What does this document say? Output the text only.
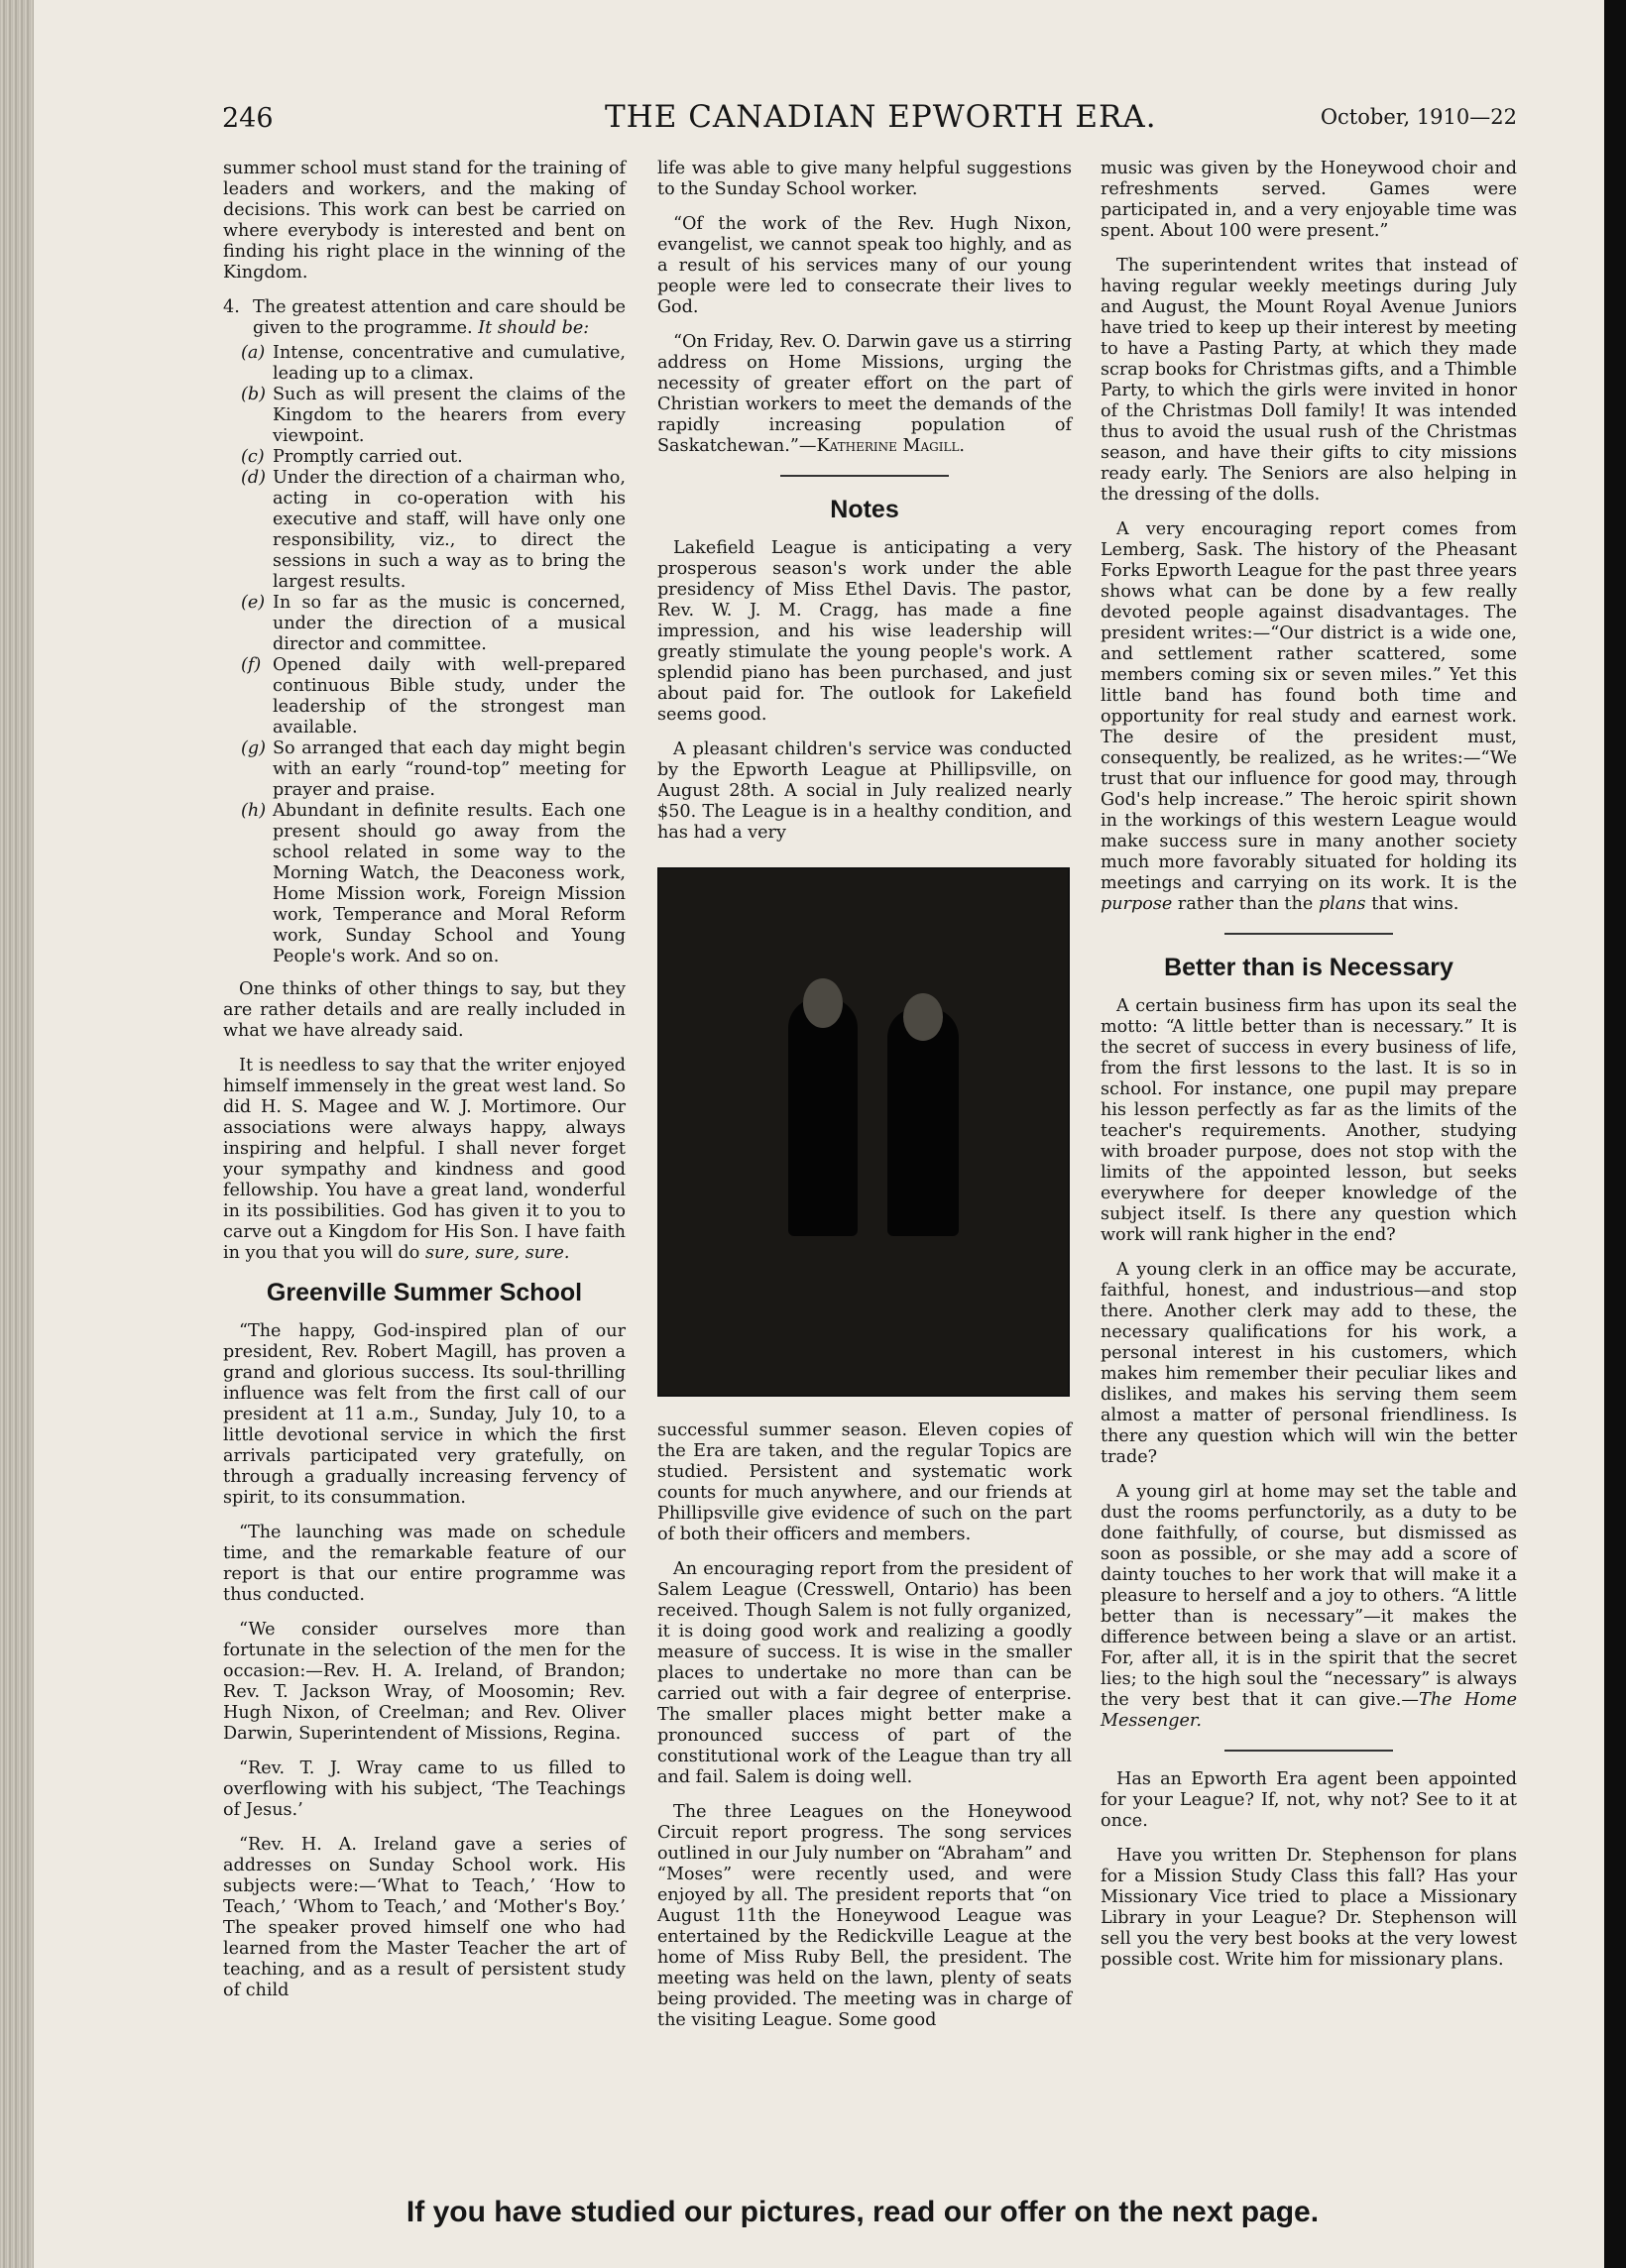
246	THE CANADIAN EPWORTH ERA.	October, 1910—22

summer school must stand for the training of leaders and workers, and the making of decisions. This work can best be carried on where everybody is interested and bent on finding his right place in the winning of the Kingdom.

4. The greatest attention and care should be given to the programme. It should be:
(a) Intense, concentrative and cumulative, leading up to a climax.
(b) Such as will present the claims of the Kingdom to the hearers from every viewpoint.
(c) Promptly carried out.
(d) Under the direction of a chairman who, acting in co-operation with his executive and staff, will have only one responsibility, viz., to direct the sessions in such a way as to bring the largest results.
(e) In so far as the music is concerned, under the direction of a musical director and committee.
(f) Opened daily with well-prepared continuous Bible study, under the leadership of the strongest man available.
(g) So arranged that each day might begin with an early “round-top” meeting for prayer and praise.
(h) Abundant in definite results. Each one present should go away from the school related in some way to the Morning Watch, the Deaconess work, Home Mission work, Foreign Mission work, Temperance and Moral Reform work, Sunday School and Young People's work. And so on.

One thinks of other things to say, but they are rather details and are really included in what we have already said.

It is needless to say that the writer enjoyed himself immensely in the great west land. So did H. S. Magee and W. J. Mortimore. Our associations were always happy, always inspiring and helpful. I shall never forget your sympathy and kindness and good fellowship. You have a great land, wonderful in its possibilities. God has given it to you to carve out a Kingdom for His Son. I have faith in you that you will do sure, sure, sure.

Greenville Summer School

“The happy, God-inspired plan of our president, Rev. Robert Magill, has proven a grand and glorious success. Its soul-thrilling influence was felt from the first call of our president at 11 a.m., Sunday, July 10, to a little devotional service in which the first arrivals participated very gratefully, on through a gradually increasing fervency of spirit, to its consummation.

“The launching was made on schedule time, and the remarkable feature of our report is that our entire programme was thus conducted.

“We consider ourselves more than fortunate in the selection of the men for the occasion:—Rev. H. A. Ireland, of Brandon; Rev. T. Jackson Wray, of Moosomin; Rev. Hugh Nixon, of Creelman; and Rev. Oliver Darwin, Superintendent of Missions, Regina.

“Rev. T. J. Wray came to us filled to overflowing with his subject, ‘The Teachings of Jesus.’

“Rev. H. A. Ireland gave a series of addresses on Sunday School work. His subjects were:—‘What to Teach,’ ‘How to Teach,’ ‘Whom to Teach,’ and ‘Mother's Boy.’ The speaker proved himself one who had learned from the Master Teacher the art of teaching, and as a result of persistent study of child

life was able to give many helpful suggestions to the Sunday School worker.

“Of the work of the Rev. Hugh Nixon, evangelist, we cannot speak too highly, and as a result of his services many of our young people were led to consecrate their lives to God.

“On Friday, Rev. O. Darwin gave us a stirring address on Home Missions, urging the necessity of greater effort on the part of Christian workers to meet the demands of the rapidly increasing population of Saskatchewan.”—Katherine Magill.

Notes

Lakefield League is anticipating a very prosperous season's work under the able presidency of Miss Ethel Davis. The pastor, Rev. W. J. M. Cragg, has made a fine impression, and his wise leadership will greatly stimulate the young people's work. A splendid piano has been purchased, and just about paid for. The outlook for Lakefield seems good.

A pleasant children's service was conducted by the Epworth League at Phillipsville, on August 28th. A social in July realized nearly $50. The League is in a healthy condition, and has had a very

successful summer season. Eleven copies of the Era are taken, and the regular Topics are studied. Persistent and systematic work counts for much anywhere, and our friends at Phillipsville give evidence of such on the part of both their officers and members.

An encouraging report from the president of Salem League (Cresswell, Ontario) has been received. Though Salem is not fully organized, it is doing good work and realizing a goodly measure of success. It is wise in the smaller places to undertake no more than can be carried out with a fair degree of enterprise. The smaller places might better make a pronounced success of part of the constitutional work of the League than try all and fail. Salem is doing well.

The three Leagues on the Honeywood Circuit report progress. The song services outlined in our July number on “Abraham” and “Moses” were recently used, and were enjoyed by all. The president reports that “on August 11th the Honeywood League was entertained by the Redickville League at the home of Miss Ruby Bell, the president. The meeting was held on the lawn, plenty of seats being provided. The meeting was in charge of the visiting League. Some good

music was given by the Honeywood choir and refreshments served. Games were participated in, and a very enjoyable time was spent. About 100 were present.”

The superintendent writes that instead of having regular weekly meetings during July and August, the Mount Royal Avenue Juniors have tried to keep up their interest by meeting to have a Pasting Party, at which they made scrap books for Christmas gifts, and a Thimble Party, to which the girls were invited in honor of the Christmas Doll family! It was intended thus to avoid the usual rush of the Christmas season, and have their gifts to city missions ready early. The Seniors are also helping in the dressing of the dolls.

A very encouraging report comes from Lemberg, Sask. The history of the Pheasant Forks Epworth League for the past three years shows what can be done by a few really devoted people against disadvantages. The president writes:—“Our district is a wide one, and settlement rather scattered, some members coming six or seven miles.” Yet this little band has found both time and opportunity for real study and earnest work. The desire of the president must, consequently, be realized, as he writes:—“We trust that our influence for good may, through God's help increase.” The heroic spirit shown in the workings of this western League would make success sure in many another society much more favorably situated for holding its meetings and carrying on its work. It is the purpose rather than the plans that wins.

Better than is Necessary

A certain business firm has upon its seal the motto: “A little better than is necessary.” It is the secret of success in every business of life, from the first lessons to the last. It is so in school. For instance, one pupil may prepare his lesson perfectly as far as the limits of the teacher's requirements. Another, studying with broader purpose, does not stop with the limits of the appointed lesson, but seeks everywhere for deeper knowledge of the subject itself. Is there any question which work will rank higher in the end?

A young clerk in an office may be accurate, faithful, honest, and industrious—and stop there. Another clerk may add to these, the necessary qualifications for his work, a personal interest in his customers, which makes him remember their peculiar likes and dislikes, and makes his serving them seem almost a matter of personal friendliness. Is there any question which will win the better trade?

A young girl at home may set the table and dust the rooms perfunctorily, as a duty to be done faithfully, of course, but dismissed as soon as possible, or she may add a score of dainty touches to her work that will make it a pleasure to herself and a joy to others. “A little better than is necessary”—it makes the difference between being a slave or an artist. For, after all, it is in the spirit that the secret lies; to the high soul the “necessary” is always the very best that it can give.—The Home Messenger.

Has an Epworth Era agent been appointed for your League? If, not, why not? See to it at once.

Have you written Dr. Stephenson for plans for a Mission Study Class this fall? Has your Missionary Vice tried to place a Missionary Library in your League? Dr. Stephenson will sell you the very best books at the very lowest possible cost. Write him for missionary plans.

If you have studied our pictures, read our offer on the next page.
